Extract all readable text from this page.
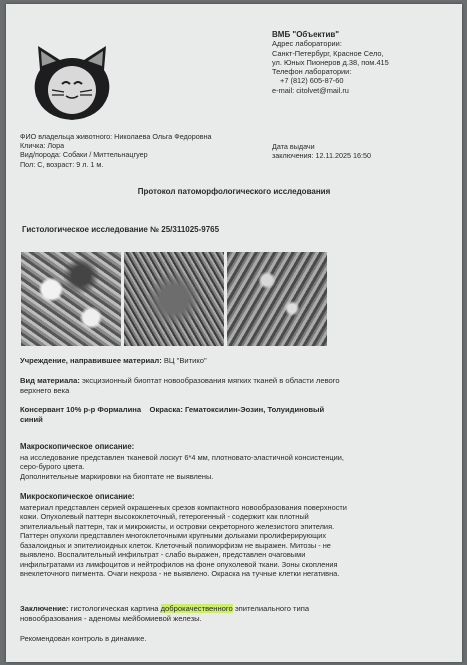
ВМБ "Объектив"
Адрес лаборатории:
Санкт-Петербург, Красное Село,
ул. Юных Пионеров д.38, пом.415
Телефон лаборатории:
+7 (812) 605-87-60
e-mail: citolvet@mail.ru
ФИО владельца животного: Николаева Ольга Федоровна
Кличка: Лора
Вид/порода: Собаки / Миттельнацгуер
Пол: С, возраст: 9 л. 1 м.
Дата выдачи
заключения: 12.11.2025 16:50
Протокол патоморфологического исследования
Гистологическое исследование № 25/311025-9765
Учреждение, направившее материал: ВЦ "Витико"
Вид материала: эксцизионный биоптат новообразования мягких тканей в области левого
верхнего века
Консервант 10% р-р Формалина Окраска: Гематоксилин-Эозин, Толуидиновый
синий
Макроскопическое описание:
на исследование представлен тканевой лоскут 6*4 мм, плотновато-эластичной консистенции,
серо-бурого цвета.
Дополнительные маркировки на биоптате не выявлены.
Микроскопическое описание:
материал представлен серией окрашенных срезов компактного новообразования поверхности
кожи. Опухолевый паттерн высококлеточный, гетерогенный - содержит как плотный
эпителиальный паттерн, так и микрокисты, и островки секреторного железистого эпителия.
Паттерн опухоли представлен многоклеточными крупными дольками пролиферирующих
базалоидных и эпителиоидных клеток. Клеточный полиморфизм не выражен. Митозы - не
выявлено. Воспалительный инфильтрат - слабо выражен, представлен очаговыми
инфильтратами из лимфоцитов и нейтрофилов на фоне опухолевой ткани. Зоны скопления
внеклеточного пигмента. Очаги некроза - не выявлено. Окраска на тучные клетки негативна.
Заключение: гистологическая картина доброкачественного эпителиального типа
новообразования - аденомы мейбомиевой железы.
Рекомендован контроль в динамике.
